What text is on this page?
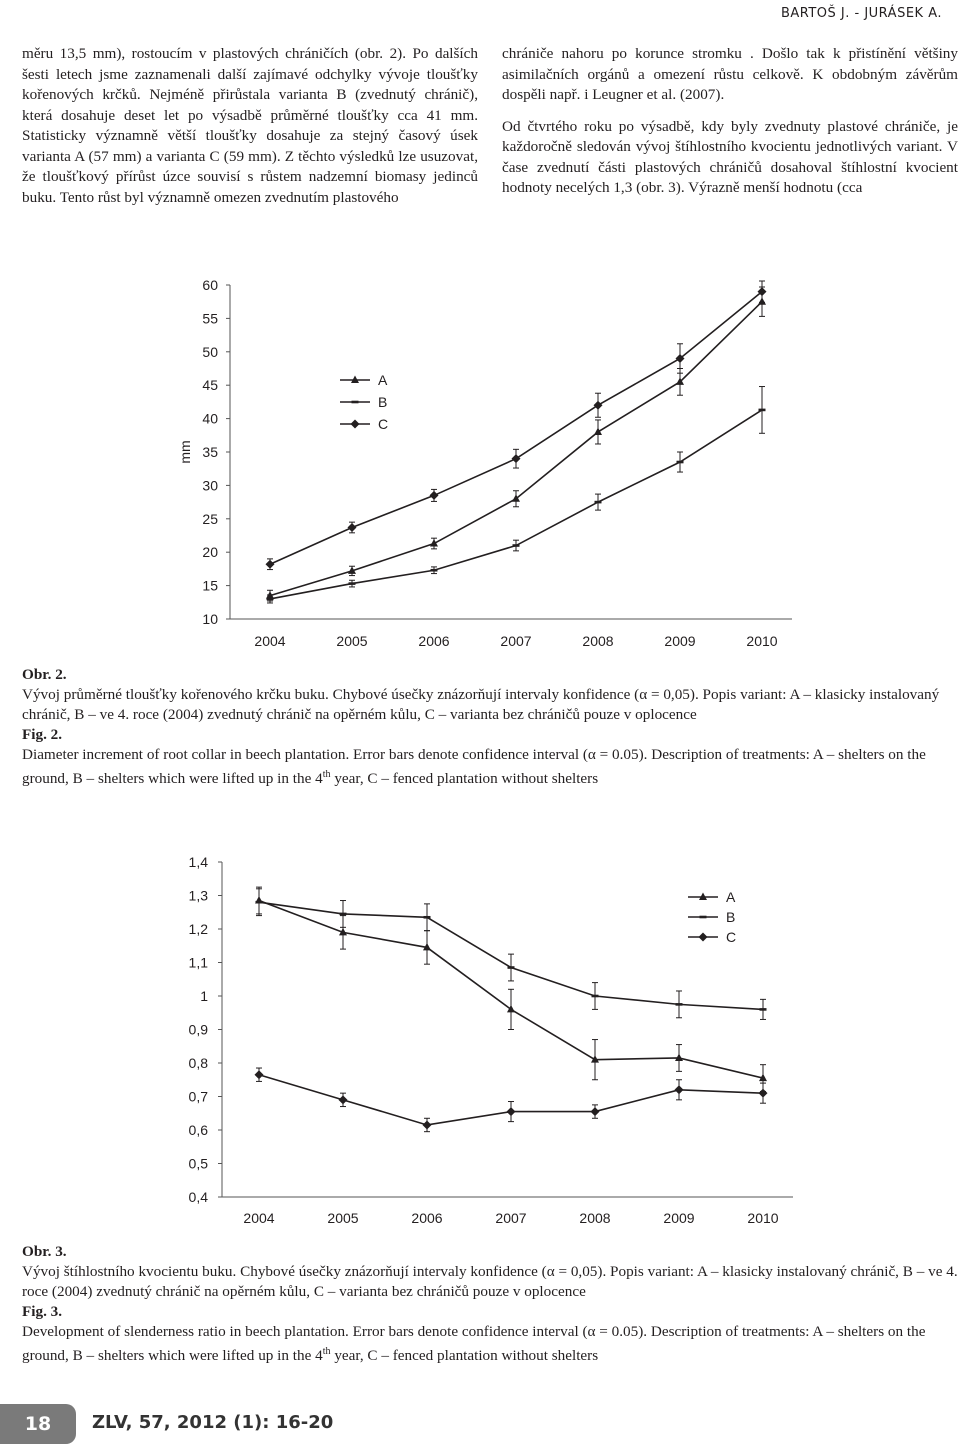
BARTOŠ J. - JURÁSEK A.

měru 13,5 mm), rostoucím v plastových chráničích (obr. 2). Po dalších šesti letech jsme zaznamenali další zajímavé odchylky vývoje tloušťky kořenových krčků. Nejméně přirůstala varianta B (zvednutý chránič), která dosahuje deset let po výsadbě průměrné tloušťky cca 41 mm. Statisticky významně větší tloušťky dosahuje za stejný časový úsek varianta A (57 mm) a varianta C (59 mm). Z těchto výsledků lze usuzovat, že tloušťkový přírůst úzce souvisí s růstem nadzemní biomasy jedinců buku. Tento růst byl významně omezen zvednutím plastového

chrániče nahoru po korunce stromku . Došlo tak k přistínění většiny asimilačních orgánů a omezení růstu celkově. K obdobným závěrům dospěli např. i Leugner et al. (2007).

Od čtvrtého roku po výsadbě, kdy byly zvednuty plastové chrániče, je každoročně sledován vývoj štíhlostního kvocientu jednotlivých variant. V čase zvednutí části plastových chráničů dosahoval štíhlostní kvocient hodnoty necelých 1,3 (obr. 3). Výrazně menší hodnotu (cca

10
15
20
25
30
35
40
45
50
55
60
2004	2005	2006	2007	2008	2009	2010
mm
A
B
C

Obr. 2.

Vývoj průměrné tloušťky kořenového krčku buku. Chybové úsečky znázorňují intervaly konfidence (α = 0,05). Popis variant: A – klasicky instalovaný chránič, B – ve 4. roce (2004) zvednutý chránič na opěrném kůlu, C – varianta bez chráničů pouze v oplocence

Fig. 2.

Diameter increment of root collar in beech plantation. Error bars denote confidence interval (α = 0.05). Description of treatments: A – shelters on the ground, B – shelters which were lifted up in the 4th year, C – fenced plantation without shelters

0,4
0,5
0,6
0,7
0,8
0,9
1
1,1
1,2
1,3
1,4
2004	2005	2006	2007	2008	2009	2010
A
B
C

Obr. 3.

Vývoj štíhlostního kvocientu buku. Chybové úsečky znázorňují intervaly konfidence (α = 0,05). Popis variant: A – klasicky instalovaný chránič, B – ve 4. roce (2004) zvednutý chránič na opěrném kůlu, C – varianta bez chráničů pouze v oplocence

Fig. 3.

Development of slenderness ratio in beech plantation. Error bars denote confidence interval (α = 0.05). Description of treatments: A – shelters on the ground, B – shelters which were lifted up in the 4th year, C – fenced plantation without shelters

18	ZLV, 57, 2012 (1): 16-20
